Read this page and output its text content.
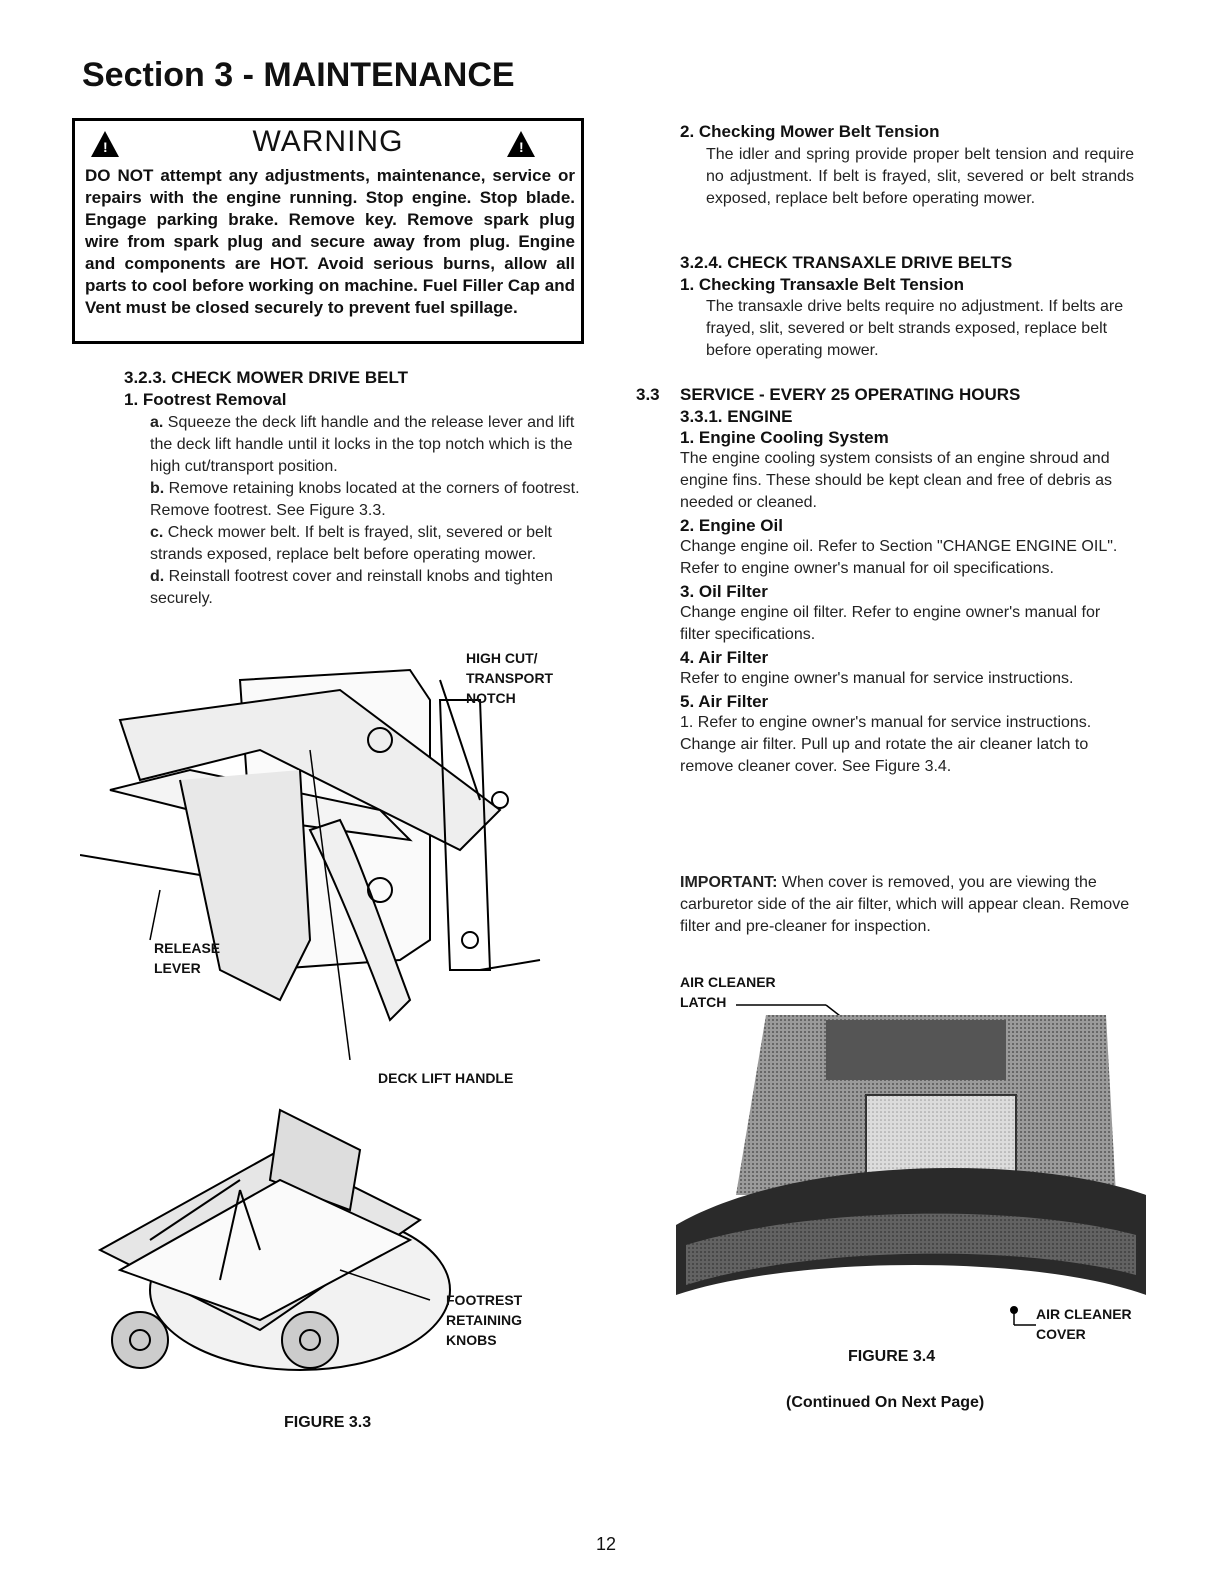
Section 3 - MAINTENANCE
!	WARNING	!
DO NOT attempt any adjustments, maintenance, service or repairs with the engine running. Stop engine. Stop blade. Engage parking brake. Remove key. Remove spark plug wire from spark plug and secure away from plug. Engine and components are HOT. Avoid serious burns, allow all parts to cool before working on machine. Fuel Filler Cap and Vent must be closed securely to prevent fuel spillage.
3.2.3. CHECK MOWER DRIVE BELT
1. Footrest Removal
a. Squeeze the deck lift handle and the release lever and lift the deck lift handle until it locks in the top notch which is the high cut/transport position.
b. Remove retaining knobs located at the corners of footrest. Remove footrest. See Figure 3.3.
c. Check mower belt. If belt is frayed, slit, severed or belt strands exposed, replace belt before operating mower.
d. Reinstall footrest cover and reinstall knobs and tighten securely.
HIGH CUT/
TRANSPORT
NOTCH
RELEASE
LEVER
DECK LIFT HANDLE
FOOTREST
RETAINING
KNOBS
FIGURE 3.3
2. Checking Mower Belt Tension
The idler and spring provide proper belt tension and require no adjustment. If belt is frayed, slit, severed or belt strands exposed, replace belt before operating mower.
3.2.4. CHECK TRANSAXLE DRIVE BELTS
1. Checking Transaxle Belt Tension
The transaxle drive belts require no adjustment. If belts are frayed, slit, severed or belt strands exposed, replace belt before operating mower.
3.3 SERVICE - EVERY 25 OPERATING HOURS
3.3.1. ENGINE
1. Engine Cooling System
The engine cooling system consists of an engine shroud and engine fins. These should be kept clean and free of debris as needed or cleaned.
2. Engine Oil
Change engine oil. Refer to Section "CHANGE ENGINE OIL". Refer to engine owner's manual for oil specifications.
3. Oil Filter
Change engine oil filter. Refer to engine owner's manual for filter specifications.
4. Air Filter
Refer to engine owner's manual for service instructions.
5. Air Filter
1. Refer to engine owner's manual for service instructions. Change air filter. Pull up and rotate the air cleaner latch to remove cleaner cover. See Figure 3.4.
IMPORTANT: When cover is removed, you are viewing the carburetor side of the air filter, which will appear clean. Remove filter and pre-cleaner for inspection.
AIR CLEANER
LATCH
AIR CLEANER
COVER
FIGURE 3.4
(Continued On Next Page)
12
